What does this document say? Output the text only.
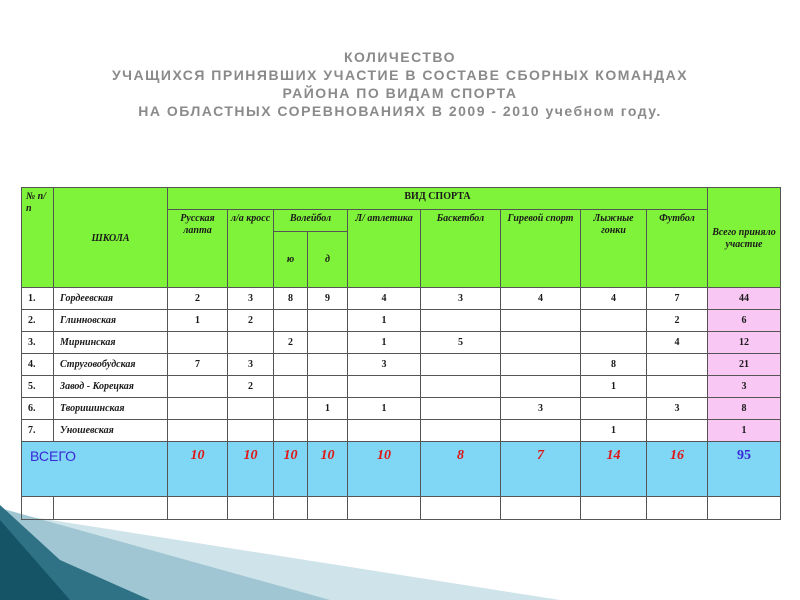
КОЛИЧЕСТВО
УЧАЩИХСЯ ПРИНЯВШИХ УЧАСТИЕ В СОСТАВЕ СБОРНЫХ КОМАНДАХ
РАЙОНА ПО ВИДАМ СПОРТА
НА ОБЛАСТНЫХ СОРЕВНОВАНИЯХ В 2009 - 2010 учебном году.
№ п/п	ШКОЛА	ВИД СПОРТА									Всего приняло участие
		Русская лапта	л/а кросс	Волейбол		Л/ атлетика	Баскетбол	Гиревой спорт	Лыжные гонки	Футбол	
				ю	д						
1.	Гордеевская	2	3	8	9	4	3	4	4	7	44
2.	Глинновская	1	2			1				2	6
3.	Мирнинская			2		1	5			4	12
4.	Струговобудская	7	3			3			8		21
5.	Завод - Корецкая		2						1		3
6.	Творишинская				1	1		3		3	8
7.	Уношевская								1		1
ВСЕГО		10	10	10	10	10	8	7	14	16	95
